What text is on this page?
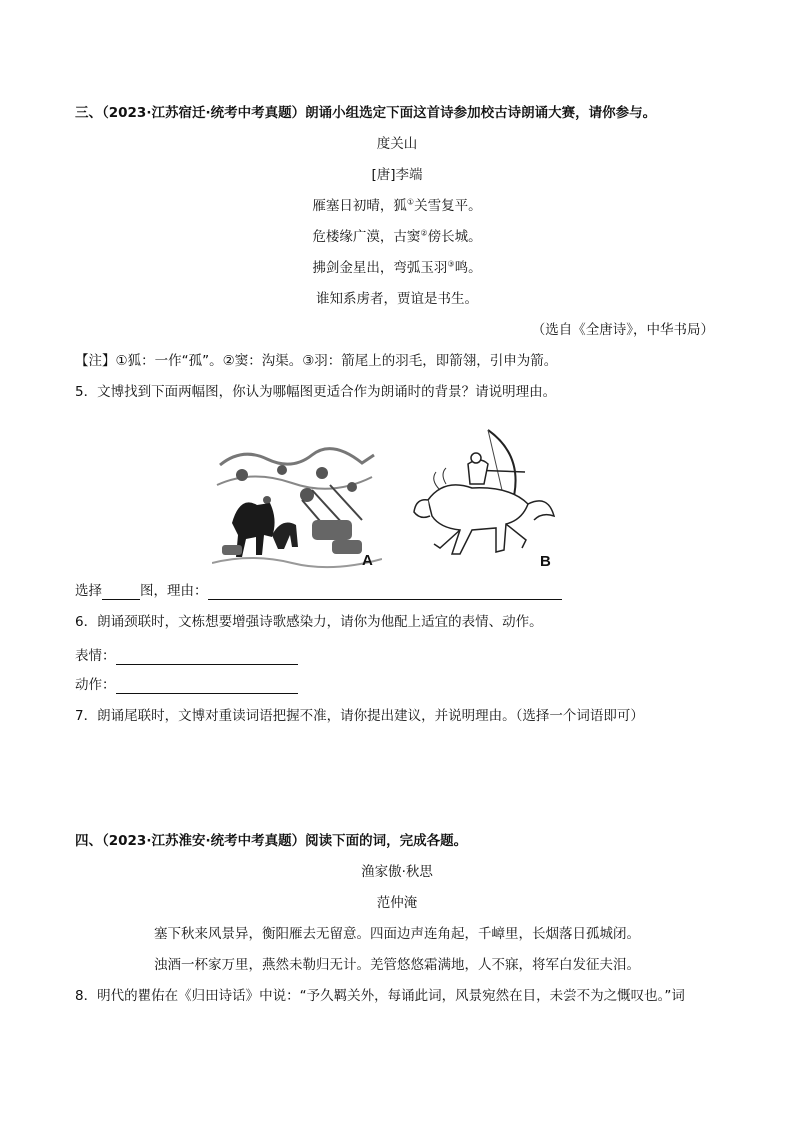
三、（2023·江苏宿迁·统考中考真题）朗诵小组选定下面这首诗参加校古诗朗诵大赛，请你参与。
度关山
[唐]李端
雁塞日初晴，狐①关雪复平。
危楼缘广漠，古窦②傍长城。
拂剑金星出，弯弧玉羽③鸣。
谁知系虏者，贾谊是书生。
（选自《全唐诗》，中华书局）
【注】①狐：一作“孤”。②窦：沟渠。③羽：箭尾上的羽毛，即箭翎，引申为箭。
5．文博找到下面两幅图，你认为哪幅图更适合作为朗诵时的背景？请说明理由。
A	B
选择	图，理由：
6．朗诵颈联时，文栋想要增强诗歌感染力，请你为他配上适宜的表情、动作。
表情：
动作：
7．朗诵尾联时，文博对重读词语把握不准，请你提出建议，并说明理由。（选择一个词语即可）
四、（2023·江苏淮安·统考中考真题）阅读下面的词，完成各题。
渔家傲·秋思
范仲淹
塞下秋来风景异，衡阳雁去无留意。四面边声连角起，千嶂里，长烟落日孤城闭。
浊酒一杯家万里，燕然未勒归无计。羌管悠悠霜满地，人不寐，将军白发征夫泪。
8．明代的瞿佑在《归田诗话》中说：“予久羁关外，每诵此词，风景宛然在目，未尝不为之慨叹也。”词
